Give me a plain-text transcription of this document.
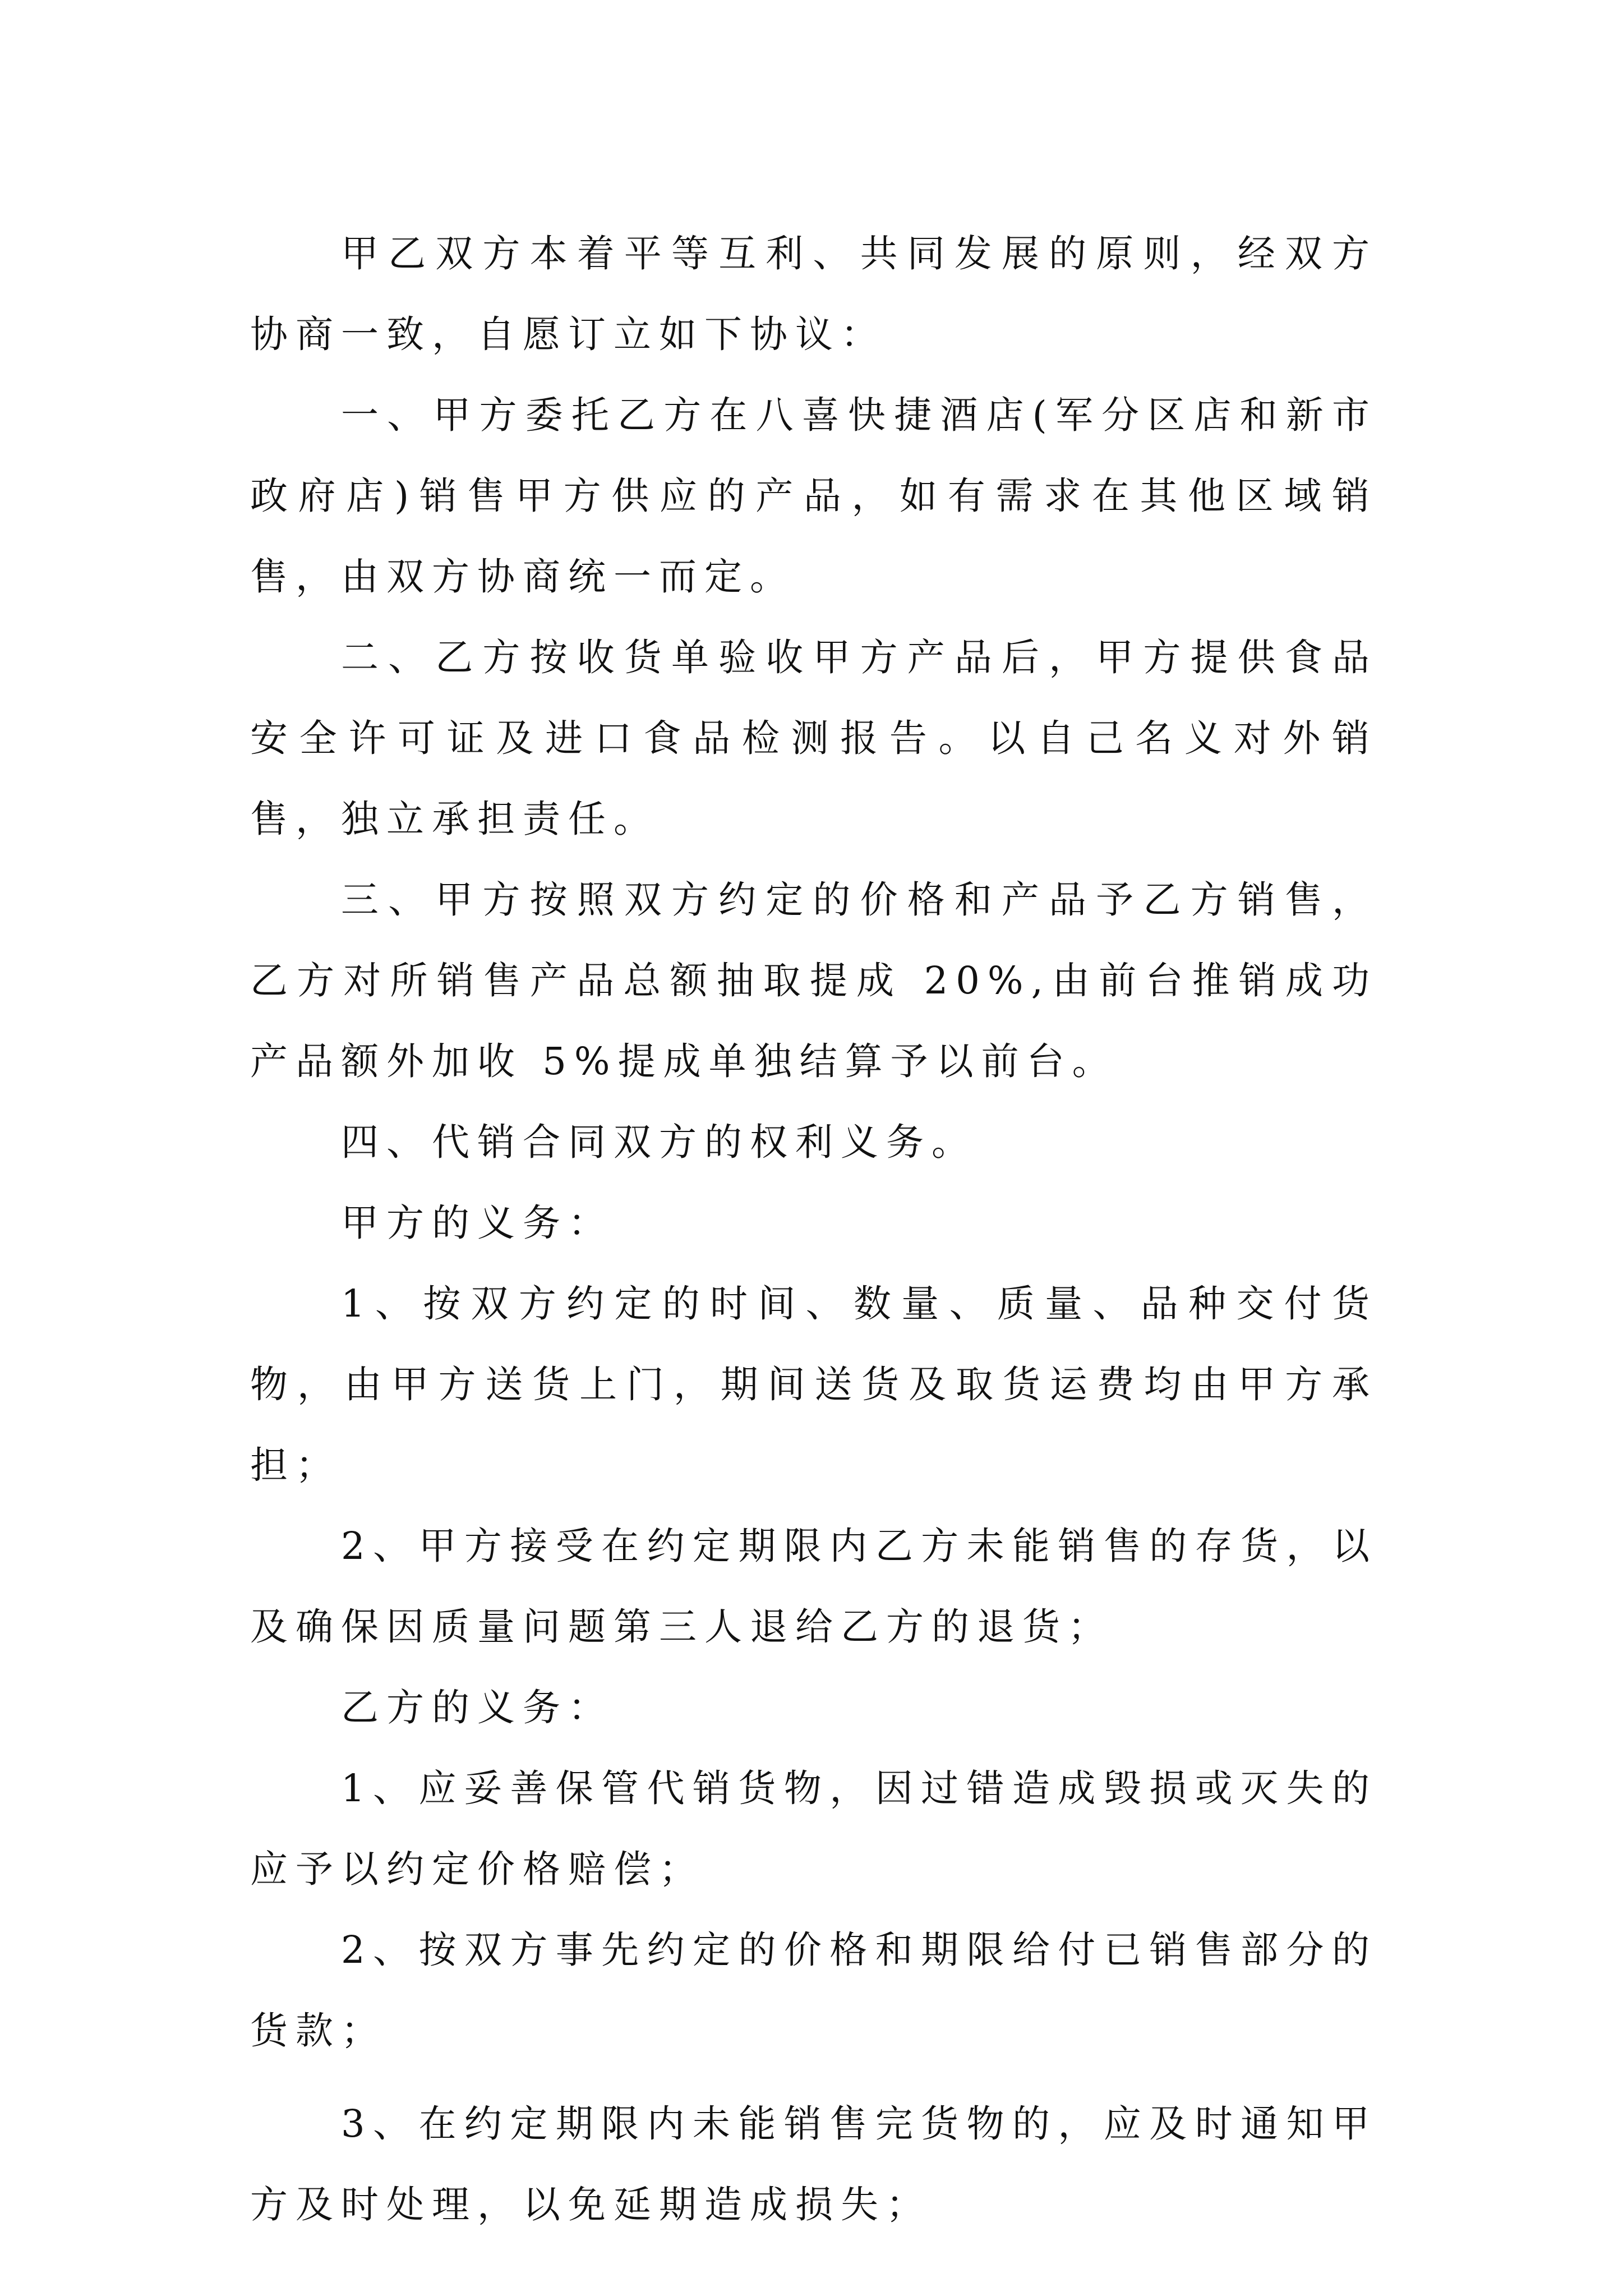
甲乙双方本着平等互利、共同发展的原则，经双方协商一致，自愿订立如下协议：

一、甲方委托乙方在八喜快捷酒店(军分区店和新市政府店)销售甲方供应的产品，如有需求在其他区域销售，由双方协商统一而定。

二、乙方按收货单验收甲方产品后，甲方提供食品安全许可证及进口食品检测报告。以自己名义对外销售，独立承担责任。

三、甲方按照双方约定的价格和产品予乙方销售，乙方对所销售产品总额抽取提成 20%,由前台推销成功产品额外加收 5%提成单独结算予以前台。

四、代销合同双方的权利义务。

甲方的义务：

1、按双方约定的时间、数量、质量、品种交付货物，由甲方送货上门，期间送货及取货运费均由甲方承担；

2、甲方接受在约定期限内乙方未能销售的存货，以及确保因质量问题第三人退给乙方的退货；

乙方的义务：

1、应妥善保管代销货物，因过错造成毁损或灭失的应予以约定价格赔偿；

2、按双方事先约定的价格和期限给付已销售部分的货款；

3、在约定期限内未能销售完货物的，应及时通知甲方及时处理，以免延期造成损失；
